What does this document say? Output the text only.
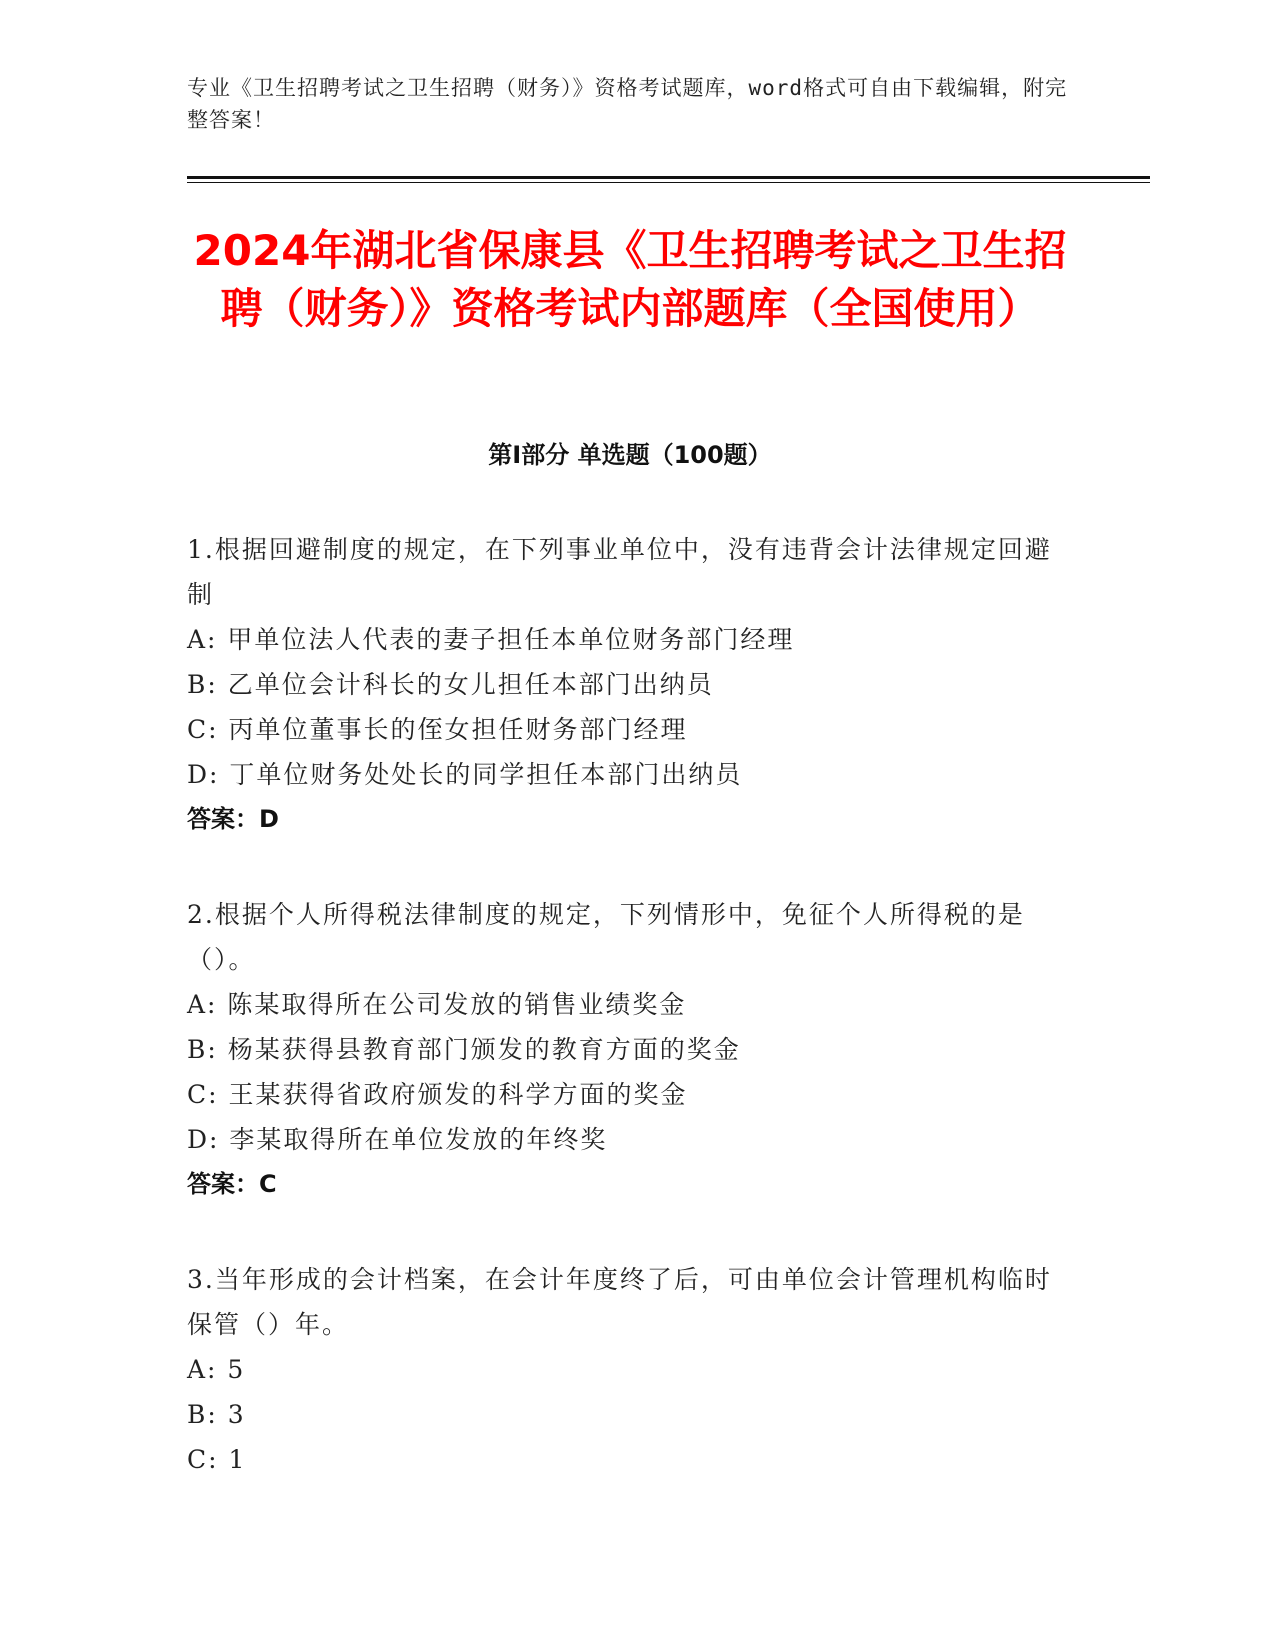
专业《卫生招聘考试之卫生招聘（财务）》资格考试题库，word格式可自由下载编辑，附完整答案！
2024年湖北省保康县《卫生招聘考试之卫生招聘（财务）》资格考试内部题库（全国使用）
第I部分 单选题（100题）
1.根据回避制度的规定，在下列事业单位中，没有违背会计法律规定回避制
A: 甲单位法人代表的妻子担任本单位财务部门经理
B: 乙单位会计科长的女儿担任本部门出纳员
C: 丙单位董事长的侄女担任财务部门经理
D: 丁单位财务处处长的同学担任本部门出纳员
答案：D
2.根据个人所得税法律制度的规定，下列情形中，免征个人所得税的是（）。
A: 陈某取得所在公司发放的销售业绩奖金
B: 杨某获得县教育部门颁发的教育方面的奖金
C: 王某获得省政府颁发的科学方面的奖金
D: 李某取得所在单位发放的年终奖
答案：C
3.当年形成的会计档案，在会计年度终了后，可由单位会计管理机构临时保管（）年。
A: 5
B: 3
C: 1
